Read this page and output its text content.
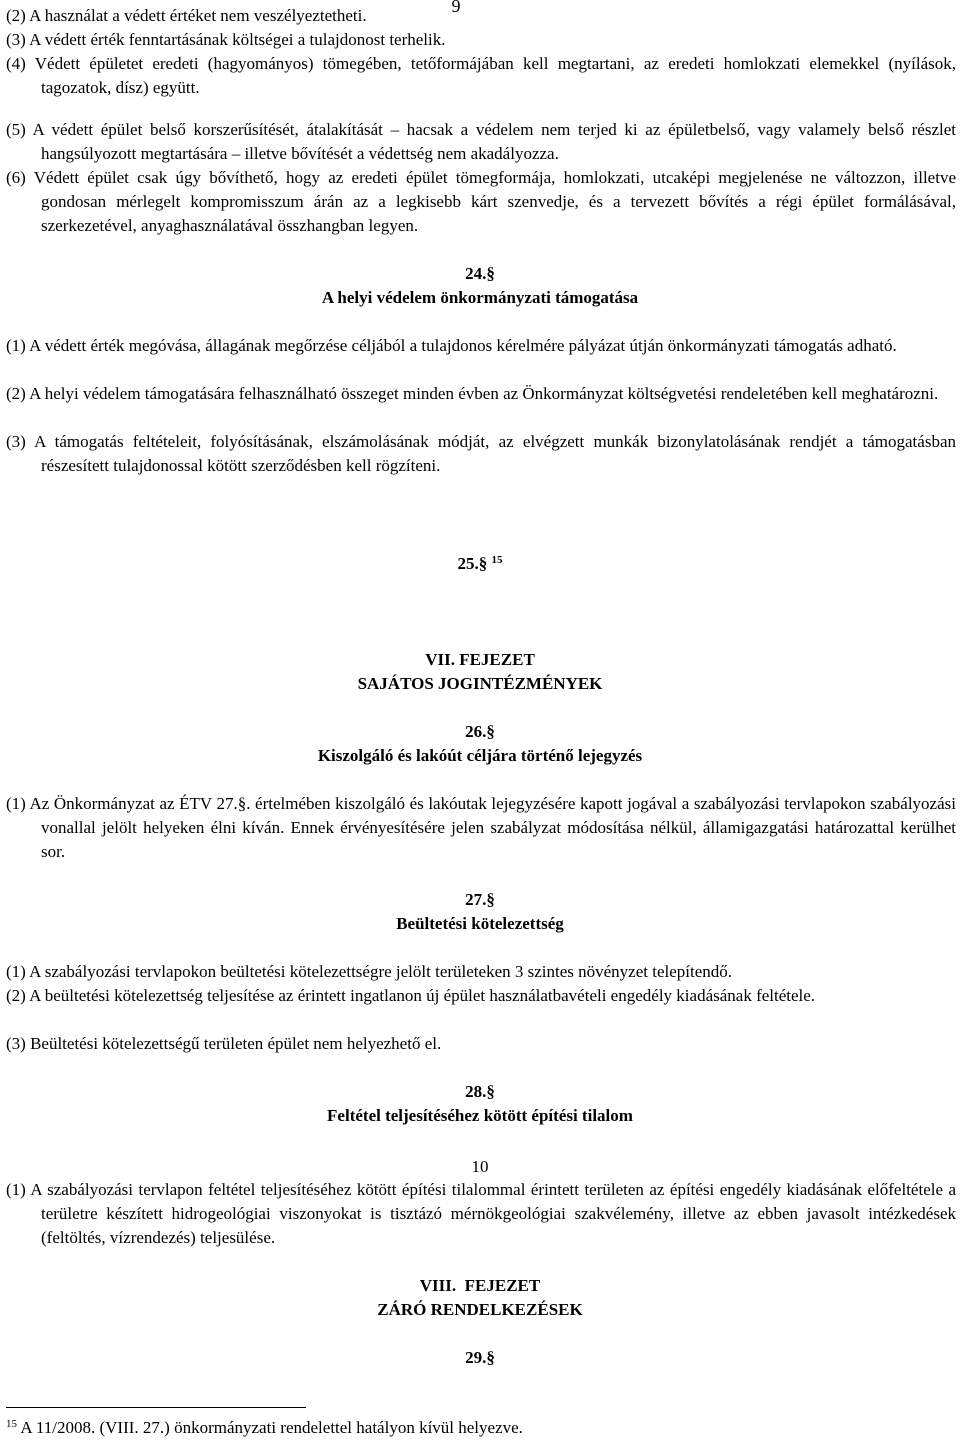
9
(2) A használat a védett értéket nem veszélyeztetheti.
(3) A védett érték fenntartásának költségei a tulajdonost terhelik.
(4) Védett épületet eredeti (hagyományos) tömegében, tetőformájában kell megtartani, az eredeti homlokzati elemekkel (nyílások, tagozatok, dísz) együtt.
(5) A védett épület belső korszerűsítését, átalakítását – hacsak a védelem nem terjed ki az épületbelső, vagy valamely belső részlet hangsúlyozott megtartására – illetve bővítését a védettség nem akadályozza.
(6) Védett épület csak úgy bővíthető, hogy az eredeti épület tömegformája, homlokzati, utcaképi megjelenése ne változzon, illetve gondosan mérlegelt kompromisszum árán az a legkisebb kárt szenvedje, és a tervezett bővítés a régi épület formálásával, szerkezetével, anyaghasználatával összhangban legyen.
24.§
A helyi védelem önkormányzati támogatása
(1) A védett érték megóvása, állagának megőrzése céljából a tulajdonos kérelmére pályázat útján önkormányzati támogatás adható.
(2) A helyi védelem támogatására felhasználható összeget minden évben az Önkormányzat költségvetési rendeletében kell meghatározni.
(3) A támogatás feltételeit, folyósításának, elszámolásának módját, az elvégzett munkák bizonylatolásának rendjét a támogatásban részesített tulajdonossal kötött szerződésben kell rögzíteni.
25.§ $^{15}$
VII. FEJEZET
SAJÁTOS JOGINTÉZMÉNYEK
26.§
Kiszolgáló és lakóút céljára történő lejegyzés
(1) Az Önkormányzat az ÉTV 27.§. értelmében kiszolgáló és lakóutak lejegyzésére kapott jogával a szabályozási tervlapokon szabályozási vonallal jelölt helyeken élni kíván. Ennek érvényesítésére jelen szabályzat módosítása nélkül, államigazgatási határozattal kerülhet sor.
27.§
Beültetési kötelezettség
(1) A szabályozási tervlapokon beültetési kötelezettségre jelölt területeken 3 szintes növényzet telepítendő.
(2) A beültetési kötelezettség teljesítése az érintett ingatlanon új épület használatbavételi engedély kiadásának feltétele.
(3) Beültetési kötelezettségű területen épület nem helyezhető el.
28.§
Feltétel teljesítéséhez kötött építési tilalom
10
(1) A szabályozási tervlapon feltétel teljesítéséhez kötött építési tilalommal érintett területen az építési engedély kiadásának előfeltétele a területre készített hidrogeológiai viszonyokat is tisztázó mérnökgeológiai szakvélemény, illetve az ebben javasolt intézkedések (feltöltés, vízrendezés) teljesülése.
VIII.  FEJEZET
ZÁRÓ RENDELKEZÉSEK
29.§
$^{15}$ A 11/2008. (VIII. 27.) önkormányzati rendelettel hatályon kívül helyezve.
